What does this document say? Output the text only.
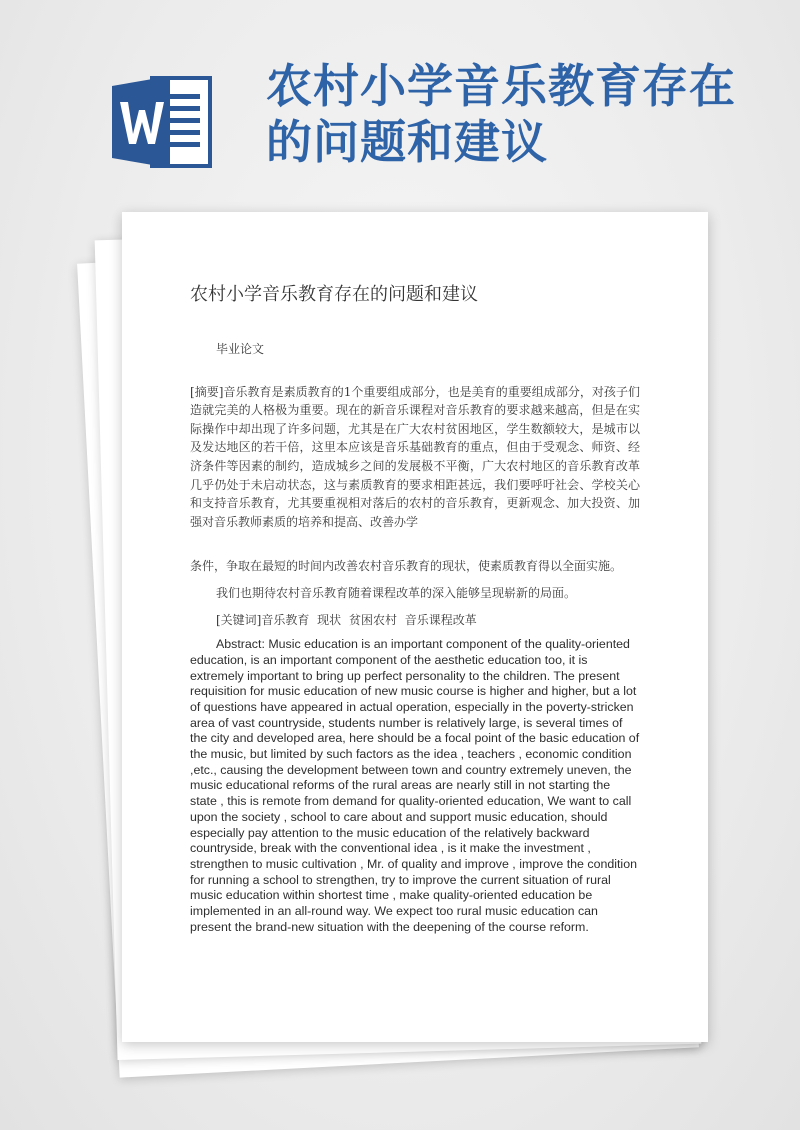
农村小学音乐教育存在的问题和建议
农村小学音乐教育存在的问题和建议

毕业论文

[摘要]音乐教育是素质教育的1个重要组成部分，也是美育的重要组成部分，对孩子们造就完美的人格极为重要。现在的新音乐课程对音乐教育的要求越来越高，但是在实际操作中却出现了许多问题，尤其是在广大农村贫困地区，学生数额较大，是城市以及发达地区的若干倍，这里本应该是音乐基础教育的重点，但由于受观念、师资、经济条件等因素的制约，造成城乡之间的发展极不平衡，广大农村地区的音乐教育改革几乎仍处于未启动状态，这与素质教育的要求相距甚远，我们要呼吁社会、学校关心和支持音乐教育，尤其要重视相对落后的农村的音乐教育，更新观念、加大投资、加强对音乐教师素质的培养和提高、改善办学

条件，争取在最短的时间内改善农村音乐教育的现状，使素质教育得以全面实施。

我们也期待农村音乐教育随着课程改革的深入能够呈现崭新的局面。

[关键词]音乐教育 现状 贫困农村 音乐课程改革

Abstract: Music education is an important component of the quality-oriented education, is an important component of the aesthetic education too, it is extremely important to bring up perfect personality to the children. The present requisition for music education of new music course is higher and higher, but a lot of questions have appeared in actual operation, especially in the poverty-stricken area of vast countryside, students number is relatively large, is several times of the city and developed area, here should be a focal point of the basic education of the music, but limited by such factors as the idea , teachers , economic condition ,etc., causing the development between town and country extremely uneven, the music educational reforms of the rural areas are nearly still in not starting the state , this is remote from demand for quality-oriented education, We want to call upon the society , school to care about and support music education, should especially pay attention to the music education of the relatively backward countryside, break with the conventional idea , is it make the investment , strengthen to music cultivation , Mr. of quality and improve , improve the condition for running a school to strengthen, try to improve the current situation of rural music education within shortest time , make quality-oriented education be implemented in an all-round way. We expect too rural music education can present the brand-new situation with the deepening of the course reform.
